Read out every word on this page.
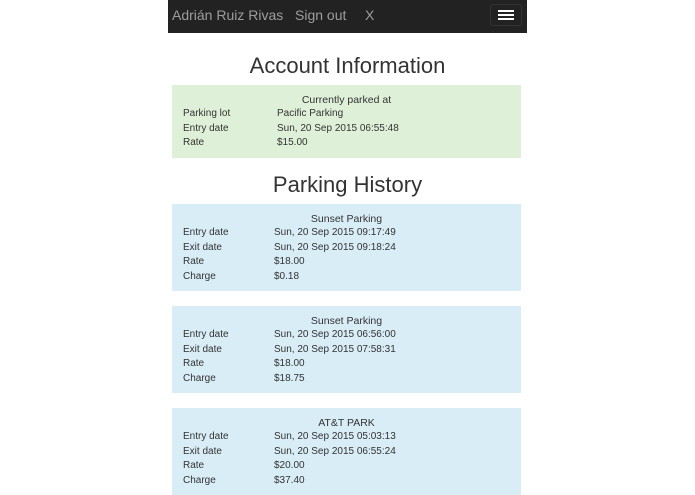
Adrián Ruiz Rivas Sign out X
Account Information
Currently parked at
Parking lot	Pacific Parking
Entry date	Sun, 20 Sep 2015 06:55:48
Rate	$15.00
Parking History
Sunset Parking
Entry date	Sun, 20 Sep 2015 09:17:49
Exit date	Sun, 20 Sep 2015 09:18:24
Rate	$18.00
Charge	$0.18
Sunset Parking
Entry date	Sun, 20 Sep 2015 06:56:00
Exit date	Sun, 20 Sep 2015 07:58:31
Rate	$18.00
Charge	$18.75
AT&T PARK
Entry date	Sun, 20 Sep 2015 05:03:13
Exit date	Sun, 20 Sep 2015 06:55:24
Rate	$20.00
Charge	$37.40
